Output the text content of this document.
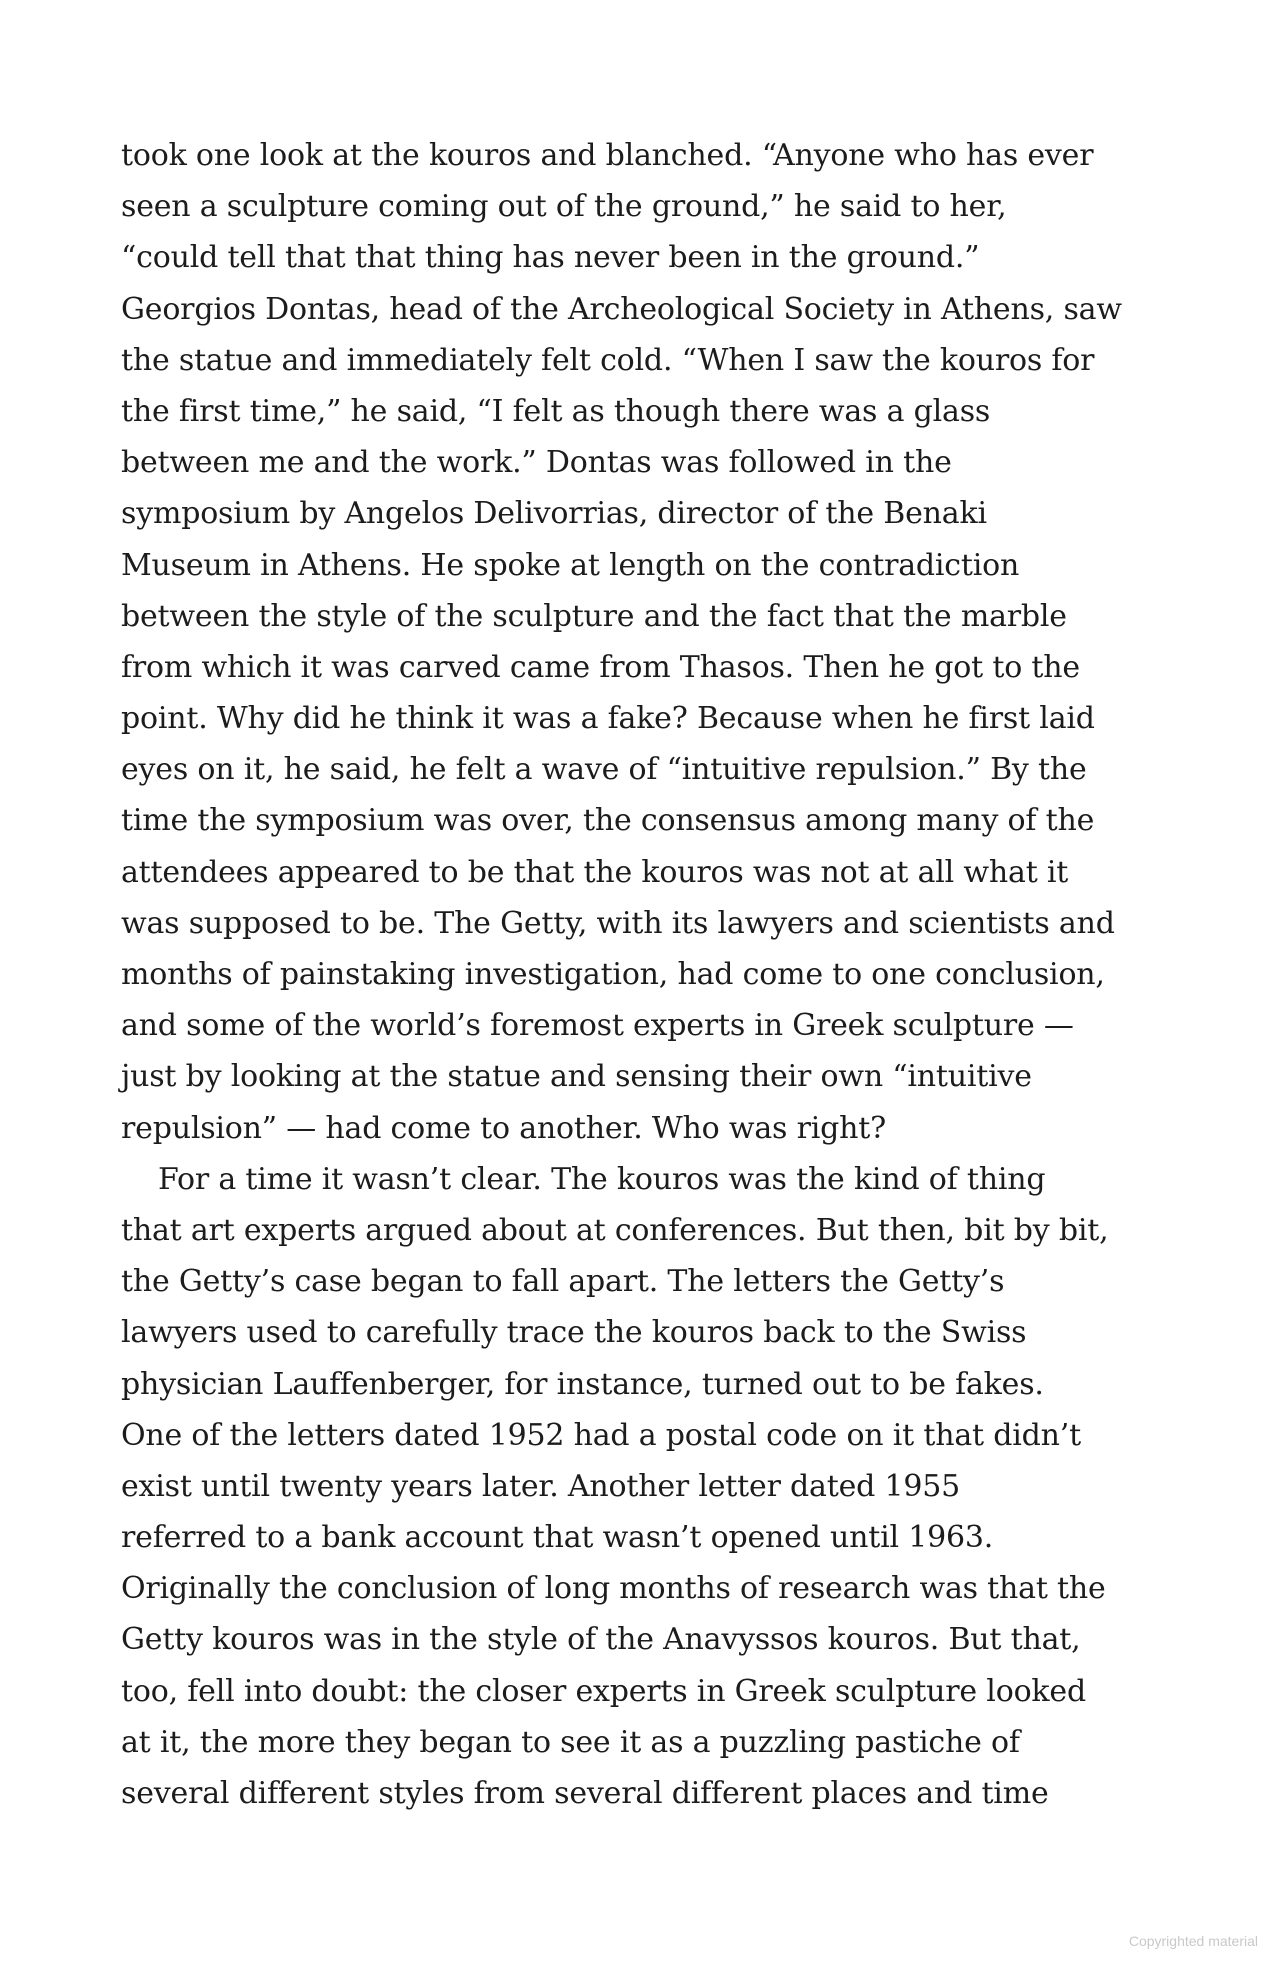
took one look at the kouros and blanched. “Anyone who has ever
seen a sculpture coming out of the ground,” he said to her,
“could tell that that thing has never been in the ground.”
Georgios Dontas, head of the Archeological Society in Athens, saw
the statue and immediately felt cold. “When I saw the kouros for
the first time,” he said, “I felt as though there was a glass
between me and the work.” Dontas was followed in the
symposium by Angelos Delivorrias, director of the Benaki
Museum in Athens. He spoke at length on the contradiction
between the style of the sculpture and the fact that the marble
from which it was carved came from Thasos. Then he got to the
point. Why did he think it was a fake? Because when he first laid
eyes on it, he said, he felt a wave of “intuitive repulsion.” By the
time the symposium was over, the consensus among many of the
attendees appeared to be that the kouros was not at all what it
was supposed to be. The Getty, with its lawyers and scientists and
months of painstaking investigation, had come to one conclusion,
and some of the world’s foremost experts in Greek sculpture —
just by looking at the statue and sensing their own “intuitive
repulsion” — had come to another. Who was right?
For a time it wasn’t clear. The kouros was the kind of thing
that art experts argued about at conferences. But then, bit by bit,
the Getty’s case began to fall apart. The letters the Getty’s
lawyers used to carefully trace the kouros back to the Swiss
physician Lauffenberger, for instance, turned out to be fakes.
One of the letters dated 1952 had a postal code on it that didn’t
exist until twenty years later. Another letter dated 1955
referred to a bank account that wasn’t opened until 1963.
Originally the conclusion of long months of research was that the
Getty kouros was in the style of the Anavyssos kouros. But that,
too, fell into doubt: the closer experts in Greek sculpture looked
at it, the more they began to see it as a puzzling pastiche of
several different styles from several different places and time
Copyrighted material
